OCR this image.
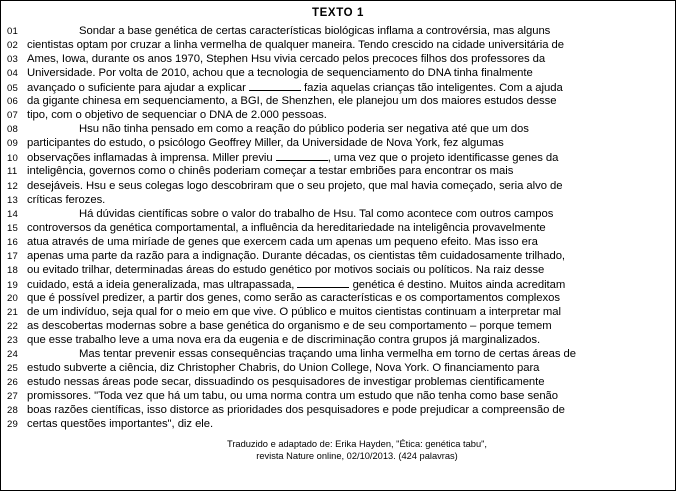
TEXTO 1
01	Sondar a base genética de certas características biológicas inflama a controvérsia, mas alguns
02 cientistas optam por cruzar a linha vermelha de qualquer maneira. Tendo crescido na cidade universitária de
03 Ames, Iowa, durante os anos 1970, Stephen Hsu vivia cercado pelos precoces filhos dos professores da
04 Universidade. Por volta de 2010, achou que a tecnologia de sequenciamento do DNA tinha finalmente
05 avançado o suficiente para ajudar a explicar	fazia aquelas crianças tão inteligentes. Com a ajuda
06 da gigante chinesa em sequenciamento, a BGI, de Shenzhen, ele planejou um dos maiores estudos desse
07 tipo, com o objetivo de sequenciar o DNA de 2.000 pessoas.
08	Hsu não tinha pensado em como a reação do público poderia ser negativa até que um dos
09 participantes do estudo, o psicólogo Geoffrey Miller, da Universidade de Nova York, fez algumas
10 observações inflamadas à imprensa. Miller previu	, uma vez que o projeto identificasse genes da
11 inteligência, governos como o chinês poderiam começar a testar embriões para encontrar os mais
12 desejáveis. Hsu e seus colegas logo descobriram que o seu projeto, que mal havia começado, seria alvo de
13 críticas ferozes.
14	Há dúvidas científicas sobre o valor do trabalho de Hsu. Tal como acontece com outros campos
15 controversos da genética comportamental, a influência da hereditariedade na inteligência provavelmente
16 atua através de uma miríade de genes que exercem cada um apenas um pequeno efeito. Mas isso era
17 apenas uma parte da razão para a indignação. Durante décadas, os cientistas têm cuidadosamente trilhado,
18 ou evitado trilhar, determinadas áreas do estudo genético por motivos sociais ou políticos. Na raiz desse
19 cuidado, está a ideia generalizada, mas ultrapassada,	genética é destino. Muitos ainda acreditam
20 que é possível predizer, a partir dos genes, como serão as características e os comportamentos complexos
21 de um indivíduo, seja qual for o meio em que vive. O público e muitos cientistas continuam a interpretar mal
22 as descobertas modernas sobre a base genética do organismo e de seu comportamento – porque temem
23 que esse trabalho leve a uma nova era da eugenia e de discriminação contra grupos já marginalizados.
24	Mas tentar prevenir essas consequências traçando uma linha vermelha em torno de certas áreas de
25 estudo subverte a ciência, diz Christopher Chabris, do Union College, Nova York. O financiamento para
26 estudo nessas áreas pode secar, dissuadindo os pesquisadores de investigar problemas cientificamente
27 promissores. "Toda vez que há um tabu, ou uma norma contra um estudo que não tenha como base senão
28 boas razões científicas, isso distorce as prioridades dos pesquisadores e pode prejudicar a compreensão de
29 certas questões importantes", diz ele.
Traduzido e adaptado de: Erika Hayden, "Ética: genética tabu",
revista Nature online, 02/10/2013. (424 palavras)
